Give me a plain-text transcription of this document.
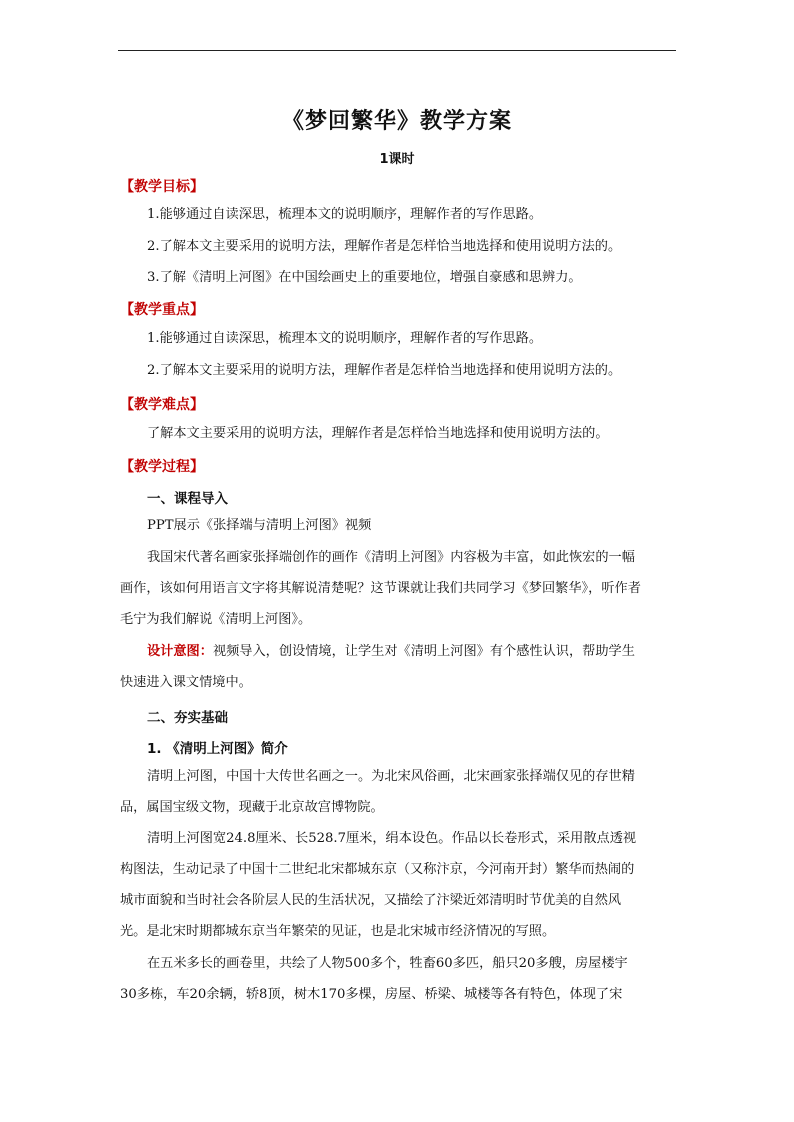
《梦回繁华》教学方案
1课时
【教学目标】
1.能够通过自读深思，梳理本文的说明顺序，理解作者的写作思路。
2.了解本文主要采用的说明方法，理解作者是怎样恰当地选择和使用说明方法的。
3.了解《清明上河图》在中国绘画史上的重要地位，增强自豪感和思辨力。
【教学重点】
1.能够通过自读深思，梳理本文的说明顺序，理解作者的写作思路。
2.了解本文主要采用的说明方法，理解作者是怎样恰当地选择和使用说明方法的。
【教学难点】
了解本文主要采用的说明方法，理解作者是怎样恰当地选择和使用说明方法的。
【教学过程】
一、课程导入
PPT展示《张择端与清明上河图》视频
我国宋代著名画家张择端创作的画作《清明上河图》内容极为丰富，如此恢宏的一幅
画作，该如何用语言文字将其解说清楚呢？这节课就让我们共同学习《梦回繁华》，听作者
毛宁为我们解说《清明上河图》。
设计意图：视频导入，创设情境，让学生对《清明上河图》有个感性认识，帮助学生
快速进入课文情境中。
二、夯实基础
1. 《清明上河图》简介
清明上河图，中国十大传世名画之一。为北宋风俗画，北宋画家张择端仅见的存世精
品，属国宝级文物，现藏于北京故宫博物院。
清明上河图宽24.8厘米、长528.7厘米，绢本设色。作品以长卷形式，采用散点透视
构图法，生动记录了中国十二世纪北宋都城东京（又称汴京，今河南开封）繁华而热闹的
城市面貌和当时社会各阶层人民的生活状况，又描绘了汴梁近郊清明时节优美的自然风
光。是北宋时期都城东京当年繁荣的见证，也是北宋城市经济情况的写照。
在五米多长的画卷里，共绘了人物500多个，牲畜60多匹，船只20多艘，房屋楼宇
30多栋，车20余辆，轿8顶，树木170多棵，房屋、桥梁、城楼等各有特色，体现了宋
